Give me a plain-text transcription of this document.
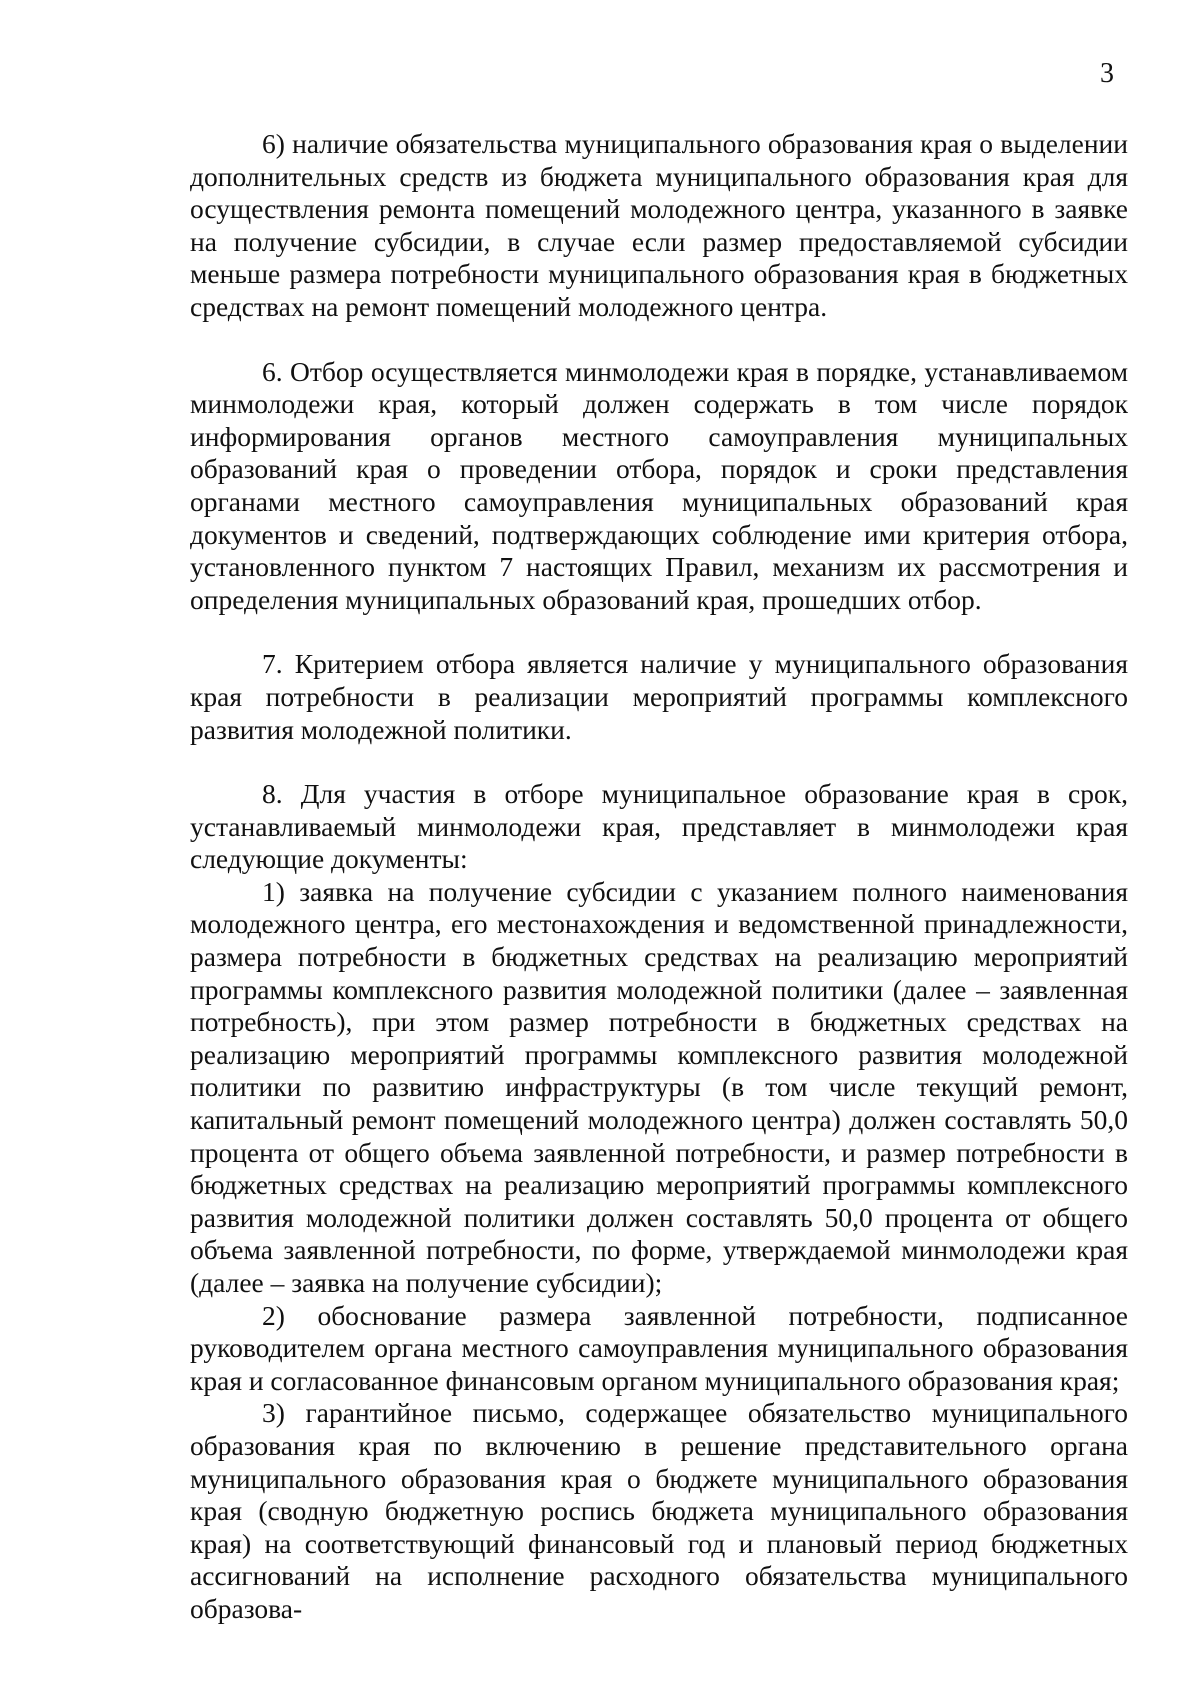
3

6) наличие обязательства муниципального образования края о выделении дополнительных средств из бюджета муниципального образования края для осуществления ремонта помещений молодежного центра, указанного в заявке на получение субсидии, в случае если размер предоставляемой субсидии меньше размера потребности муниципального образования края в бюджетных средствах на ремонт помещений молодежного центра.

6. Отбор осуществляется минмолодежи края в порядке, устанавливаемом минмолодежи края, который должен содержать в том числе порядок информирования органов местного самоуправления муниципальных образований края о проведении отбора, порядок и сроки представления органами местного самоуправления муниципальных образований края документов и сведений, подтверждающих соблюдение ими критерия отбора, установленного пунктом 7 настоящих Правил, механизм их рассмотрения и определения муниципальных образований края, прошедших отбор.

7. Критерием отбора является наличие у муниципального образования края потребности в реализации мероприятий программы комплексного развития молодежной политики.

8. Для участия в отборе муниципальное образование края в срок, устанавливаемый минмолодежи края, представляет в минмолодежи края следующие документы:

1) заявка на получение субсидии с указанием полного наименования молодежного центра, его местонахождения и ведомственной принадлежности, размера потребности в бюджетных средствах на реализацию мероприятий программы комплексного развития молодежной политики (далее – заявленная потребность), при этом размер потребности в бюджетных средствах на реализацию мероприятий программы комплексного развития молодежной политики по развитию инфраструктуры (в том числе текущий ремонт, капитальный ремонт помещений молодежного центра) должен составлять 50,0 процента от общего объема заявленной потребности, и размер потребности в бюджетных средствах на реализацию мероприятий программы комплексного развития молодежной политики должен составлять 50,0 процента от общего объема заявленной потребности, по форме, утверждаемой минмолодежи края (далее – заявка на получение субсидии);

2) обоснование размера заявленной потребности, подписанное руководителем органа местного самоуправления муниципального образования края и согласованное финансовым органом муниципального образования края;

3) гарантийное письмо, содержащее обязательство муниципального образования края по включению в решение представительного органа муниципального образования края о бюджете муниципального образования края (сводную бюджетную роспись бюджета муниципального образования края) на соответствующий финансовый год и плановый период бюджетных ассигнований на исполнение расходного обязательства муниципального образова-
